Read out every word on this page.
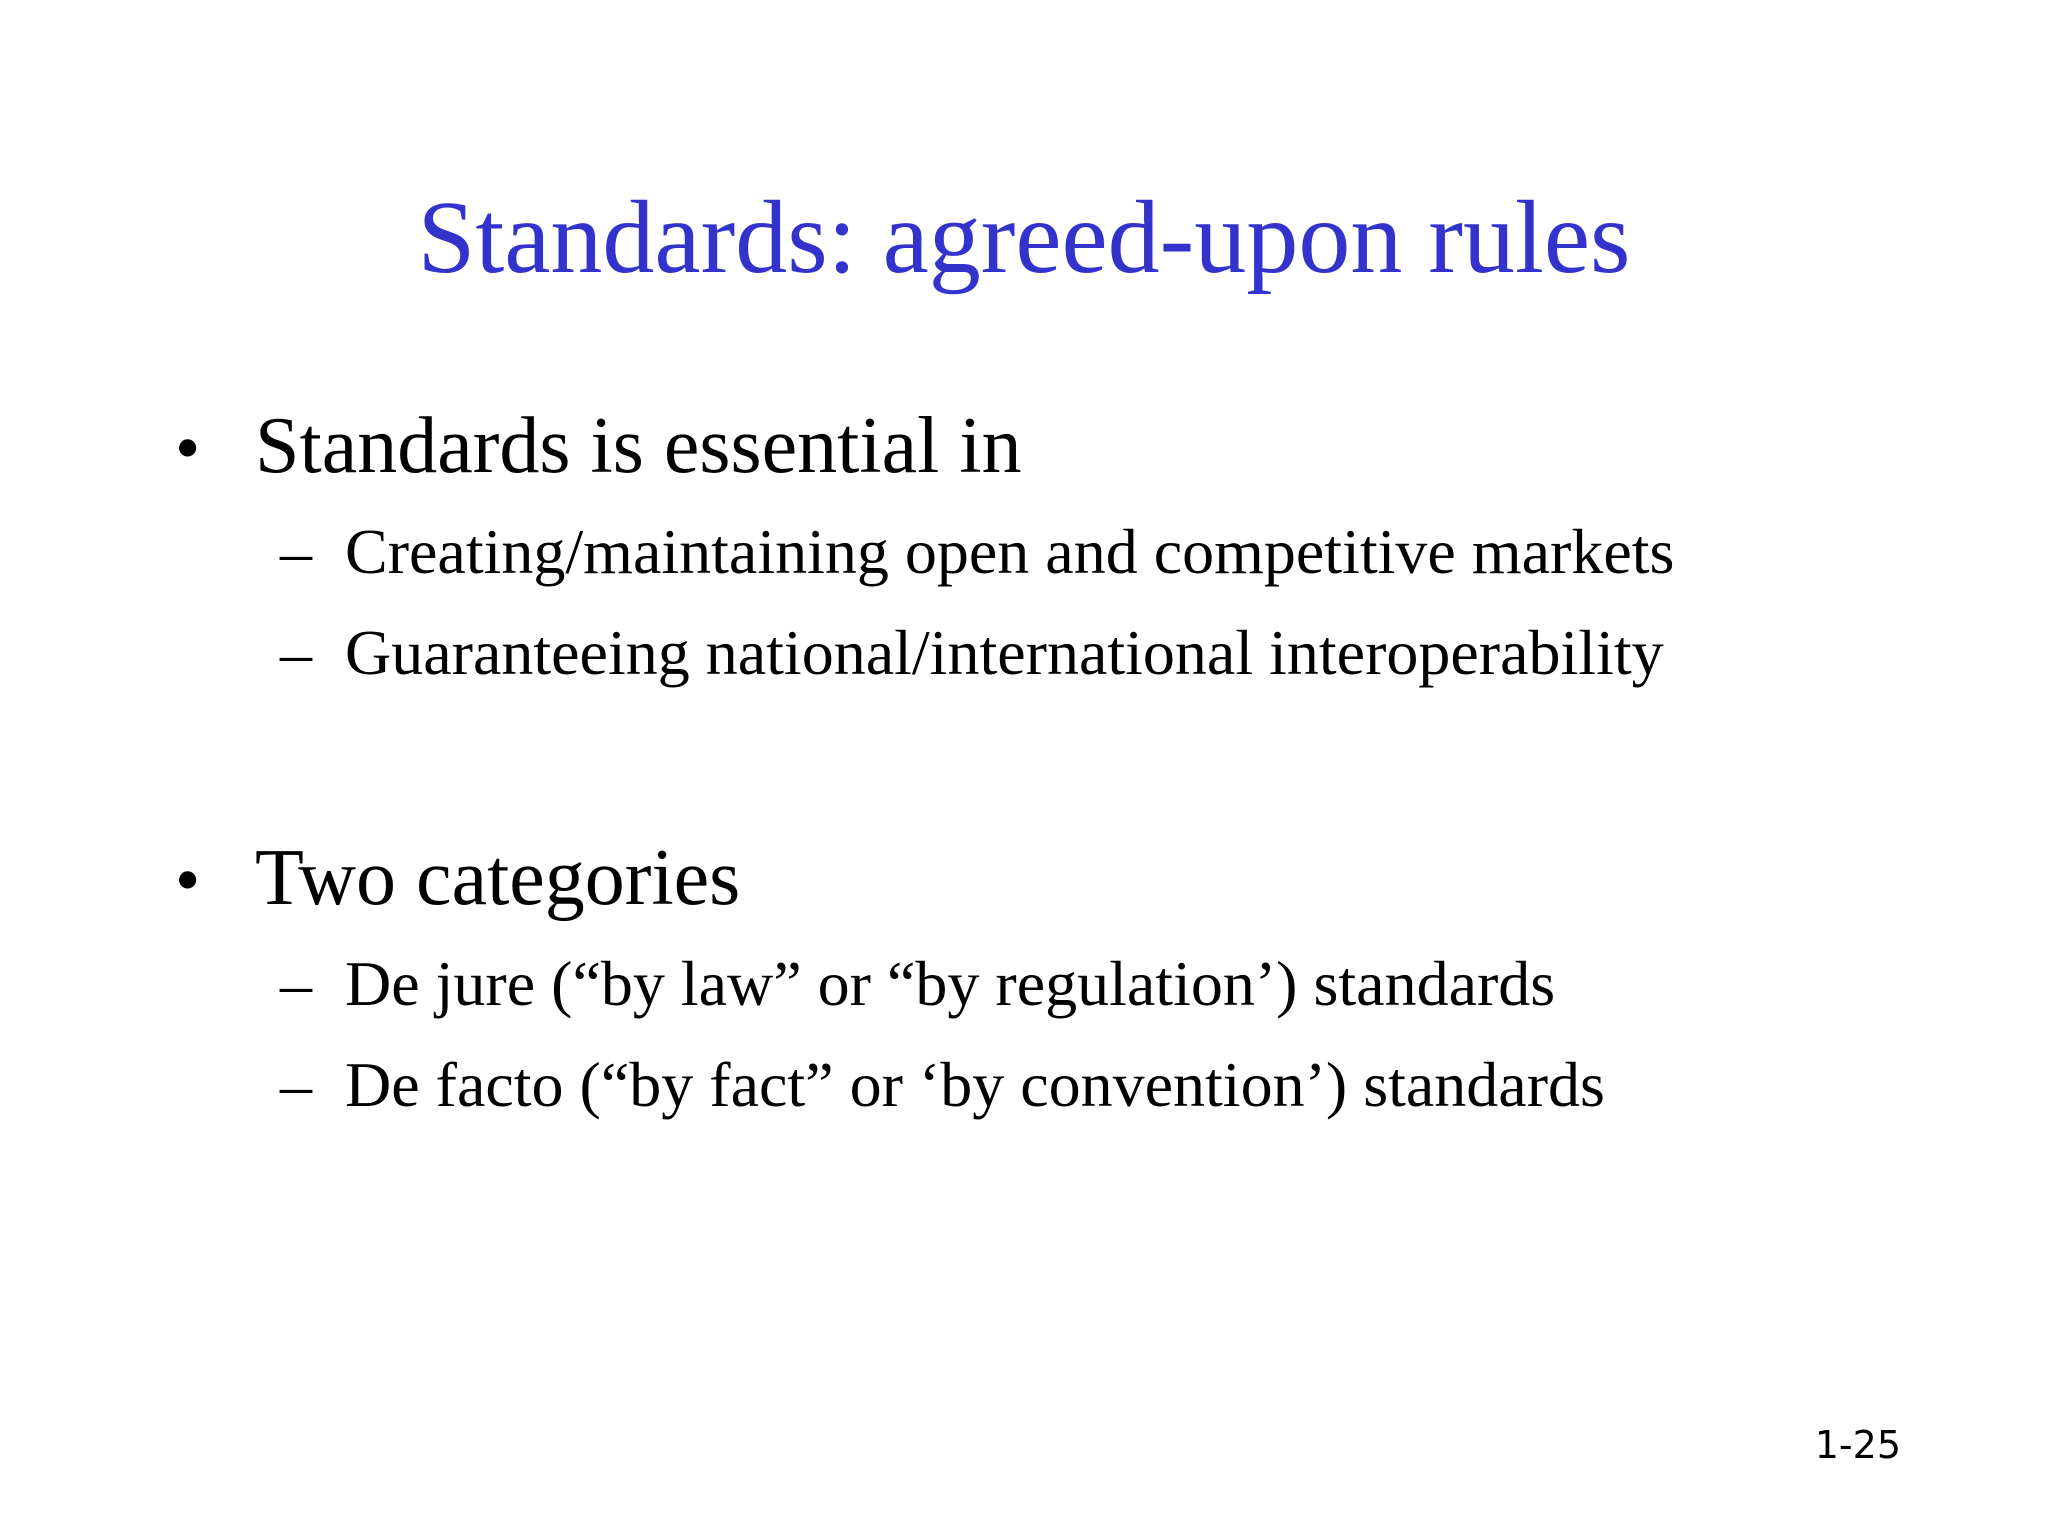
Standards: agreed-upon rules
• Standards is essential in
– Creating/maintaining open and competitive markets
– Guaranteeing national/international interoperability
• Two categories
– De jure (“by law” or “by regulation’) standards
– De facto (“by fact” or ‘by convention’) standards
1-25
